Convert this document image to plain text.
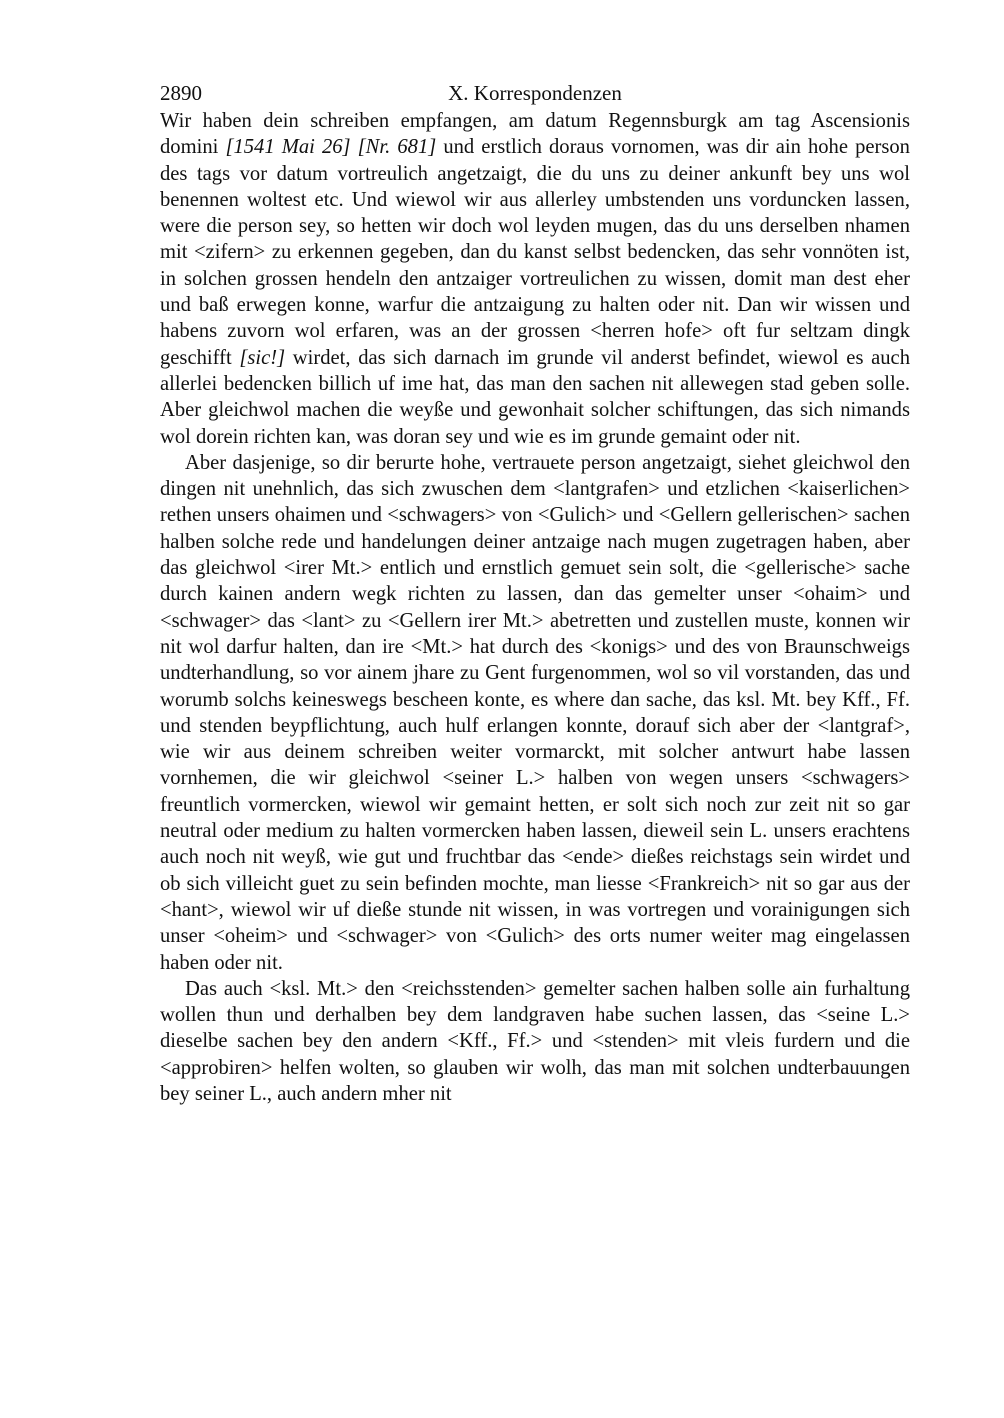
2890	X. Korrespondenzen

Wir haben dein schreiben empfangen, am datum Regennsburgk am tag Ascensionis domini [1541 Mai 26] [Nr. 681] und erstlich doraus vornomen, was dir ain hohe person des tags vor datum vortreulich angetzaigt, die du uns zu deiner ankunft bey uns wol benennen woltest etc. Und wiewol wir aus allerley umbstenden uns vorduncken lassen, were die person sey, so hetten wir doch wol leyden mugen, das du uns derselben nhamen mit <zifern> zu erkennen gegeben, dan du kanst selbst bedencken, das sehr vonnöten ist, in solchen grossen hendeln den antzaiger vortreulichen zu wissen, domit man dest eher und baß erwegen konne, warfur die antzaigung zu halten oder nit. Dan wir wissen und habens zuvorn wol erfaren, was an der grossen <herren hofe> oft fur seltzam dingk geschifft [sic!] wirdet, das sich darnach im grunde vil anderst befindet, wiewol es auch allerlei bedencken billich uf ime hat, das man den sachen nit allewegen stad geben solle. Aber gleichwol machen die weyße und gewonhait solcher schiftungen, das sich nimands wol dorein richten kan, was doran sey und wie es im grunde gemaint oder nit.

Aber dasjenige, so dir berurte hohe, vertrauete person angetzaigt, siehet gleichwol den dingen nit unehnlich, das sich zwuschen dem <lantgrafen> und etzlichen <kaiserlichen> rethen unsers ohaimen und <schwagers> von <Gulich> und <Gellern gellerischen> sachen halben solche rede und handelungen deiner antzaige nach mugen zugetragen haben, aber das gleichwol <irer Mt.> entlich und ernstlich gemuet sein solt, die <gellerische> sache durch kainen andern wegk richten zu lassen, dan das gemelter unser <ohaim> und <schwager> das <lant> zu <Gellern irer Mt.> abetretten und zustellen muste, konnen wir nit wol darfur halten, dan ire <Mt.> hat durch des <konigs> und des von Braunschweigs undterhandlung, so vor ainem jhare zu Gent furgenommen, wol so vil vorstanden, das und worumb solchs keineswegs bescheen konte, es where dan sache, das ksl. Mt. bey Kff., Ff. und stenden beypflichtung, auch hulf erlangen konnte, dorauf sich aber der <lantgraf>, wie wir aus deinem schreiben weiter vormarckt, mit solcher antwurt habe lassen vornhemen, die wir gleichwol <seiner L.> halben von wegen unsers <schwagers> freuntlich vormercken, wiewol wir gemaint hetten, er solt sich noch zur zeit nit so gar neutral oder medium zu halten vormercken haben lassen, dieweil sein L. unsers erachtens auch noch nit weyß, wie gut und fruchtbar das <ende> dießes reichstags sein wirdet und ob sich villeicht guet zu sein befinden mochte, man liesse <Frankreich> nit so gar aus der <hant>, wiewol wir uf dieße stunde nit wissen, in was vortregen und vorainigungen sich unser <oheim> und <schwager> von <Gulich> des orts numer weiter mag eingelassen haben oder nit.

Das auch <ksl. Mt.> den <reichsstenden> gemelter sachen halben solle ain furhaltung wollen thun und derhalben bey dem landgraven habe suchen lassen, das <seine L.> dieselbe sachen bey den andern <Kff., Ff.> und <stenden> mit vleis furdern und die <approbiren> helfen wolten, so glauben wir wolh, das man mit solchen undterbauungen bey seiner L., auch andern mher nit
